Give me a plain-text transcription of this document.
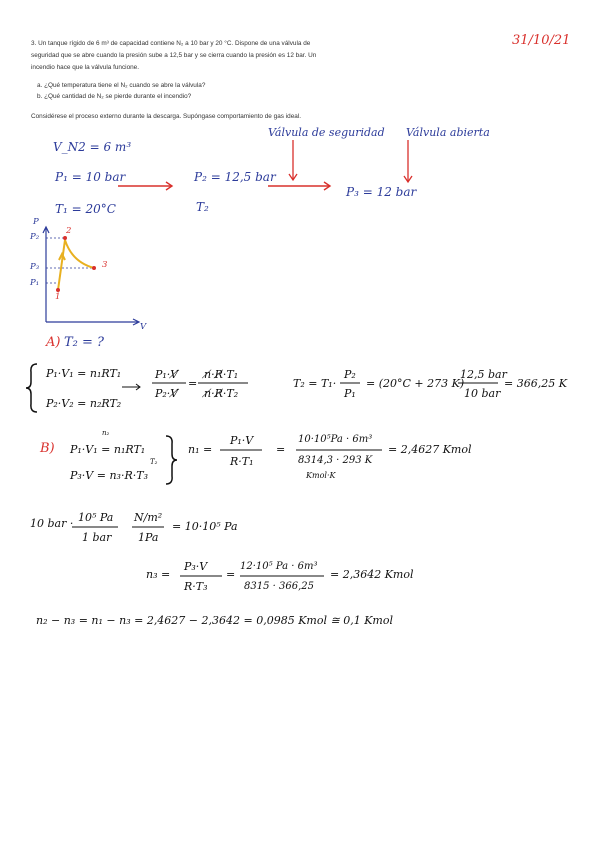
3. Un tanque rígido de 6 m³ de capacidad contiene N₂ a 10 bar y 20 °C. Dispone de una válvula de
seguridad que se abre cuando la presión sube a 12,5 bar y se cierra cuando la presión es 12 bar. Un
incendio hace que la válvula funcione.
a. ¿Qué temperatura tiene el N₂ cuando se abre la válvula?
b. ¿Qué cantidad de N₂ se pierde durante el incendio?
Considérese el proceso externo durante la descarga. Supóngase comportamiento de gas ideal.
31/10/21
V_N2 = 6 m³
P₁ = 10 bar
T₁ = 20°C
P₂ = 12,5 bar
T₂
P₃ = 12 bar
Válvula de seguridad Válvula abierta
P
V
P₂
P₃
P₁
1
2
3
A) T₂ = ?
P₁·V₁ = n₁RT₁
P₂·V₂ = n₂RT₂
P₁·V̸
P₂·V̸
=
n̸·R̸·T₁
n̸·R̸·T₂
T₂ = T₁·
P₂
P₁
= (20°C + 273 K)
12,5 bar
10 bar
= 366,25 K
B) P₁·V₁ = n₁RT₁
P₃·V = n₃·R·T₃
n₂
T₂
n₁ =
P₁·V
R·T₁
=
10·10⁵Pa · 6m³
8314,3 · 293 K
Kmol·K
= 2,4627 Kmol
10 bar · 10⁵ Pa
1 bar
N/m²
1Pa
= 10·10⁵ Pa
n₃ =
P₃·V
R·T₃
=
12·10⁵ Pa · 6m³
8315 · 366,25
= 2,3642 Kmol
n₂ − n₃ = n₁ − n₃ = 2,4627 − 2,3642 = 0,0985 Kmol ≅ 0,1 Kmol
